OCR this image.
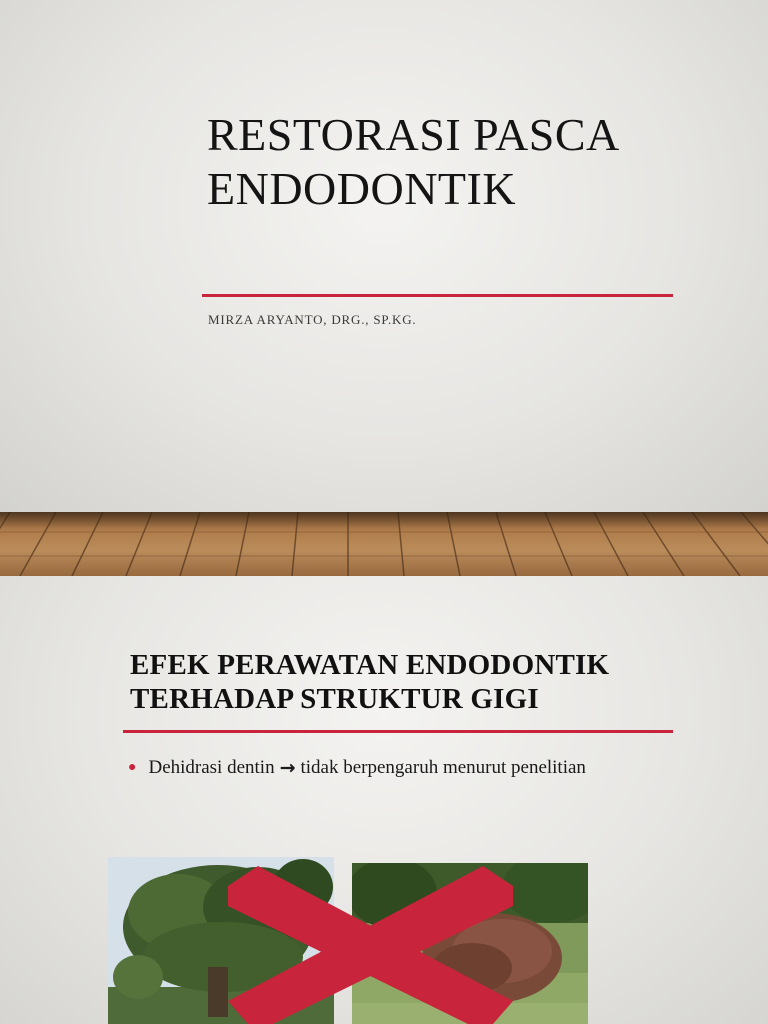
RESTORASI PASCA
ENDODONTIK

MIRZA ARYANTO, DRG., SP.KG.

EFEK PERAWATAN ENDODONTIK
TERHADAP STRUKTUR GIGI

● Dehidrasi dentin → tidak berpengaruh menurut penelitian
